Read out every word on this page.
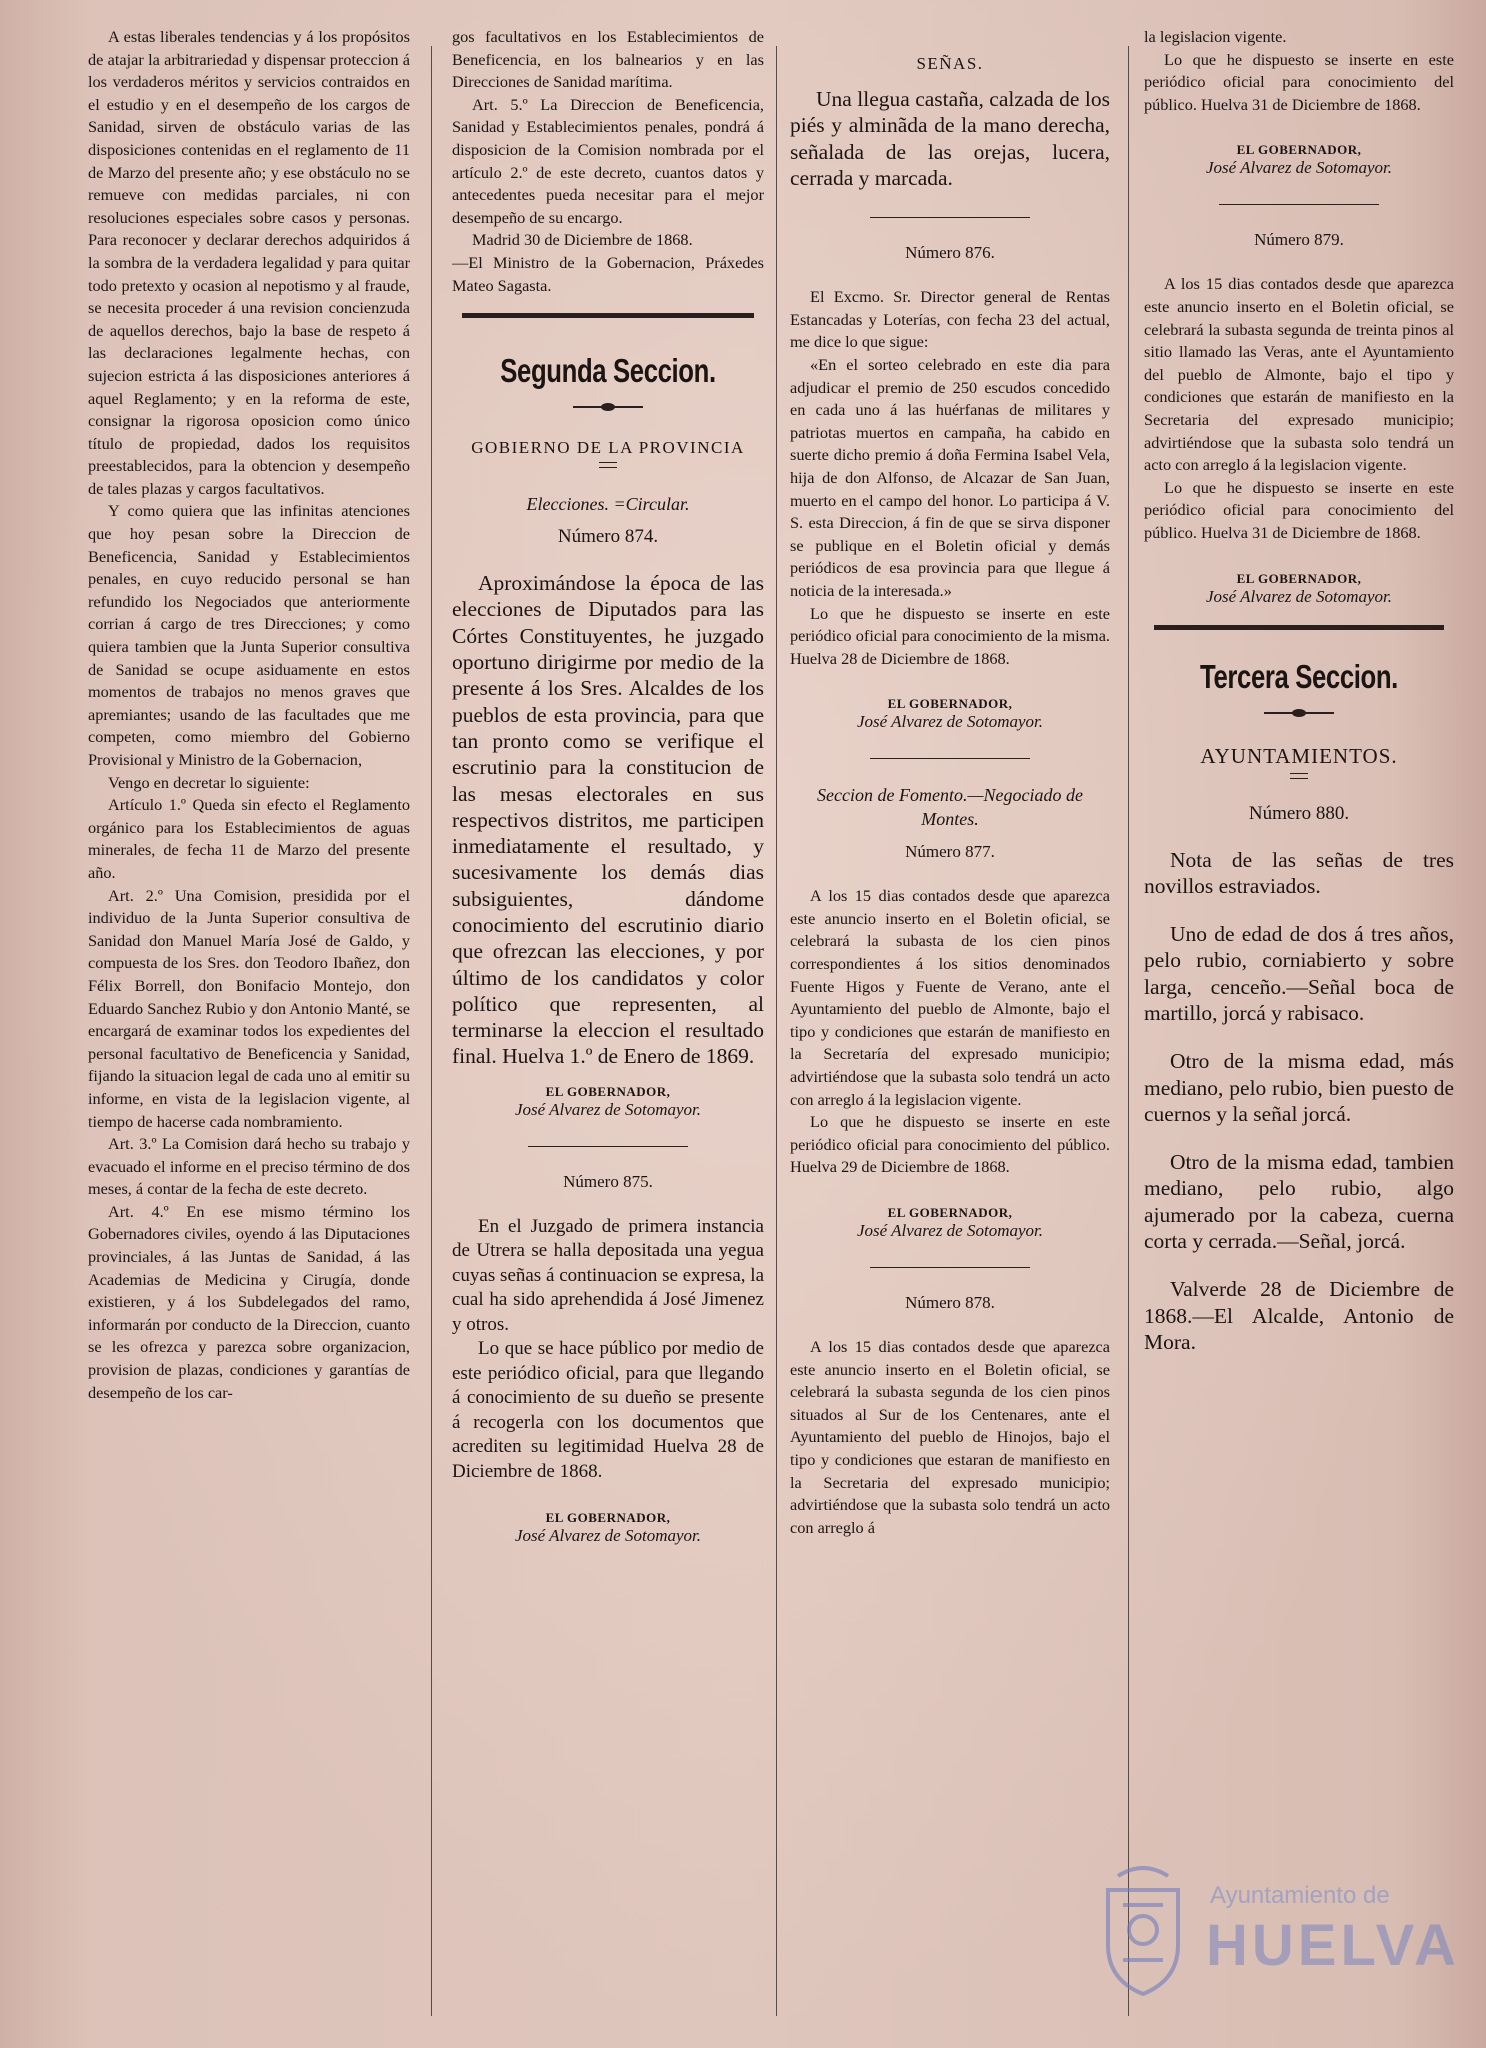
A estas liberales tendencias y á los propósitos de atajar la arbitrariedad y dispensar proteccion á los verdaderos méritos y servicios contraidos en el estudio y en el desempeño de los cargos de Sanidad, sirven de obstáculo varias de las disposiciones contenidas en el reglamento de 11 de Marzo del presente año; y ese obstáculo no se remueve con medidas parciales, ni con resoluciones especiales sobre casos y personas. Para reconocer y declarar derechos adquiridos á la sombra de la verdadera legalidad y para quitar todo pretexto y ocasion al nepotismo y al fraude, se necesita proceder á una revision concienzuda de aquellos derechos, bajo la base de respeto á las declaraciones legalmente hechas, con sujecion estricta á las disposiciones anteriores á aquel Reglamento; y en la reforma de este, consignar la rigorosa oposicion como único título de propiedad, dados los requisitos preestablecidos, para la obtencion y desempeño de tales plazas y cargos facultativos.

Y como quiera que las infinitas atenciones que hoy pesan sobre la Direccion de Beneficencia, Sanidad y Establecimientos penales, en cuyo reducido personal se han refundido los Negociados que anteriormente corrian á cargo de tres Direcciones; y como quiera tambien que la Junta Superior consultiva de Sanidad se ocupe asiduamente en estos momentos de trabajos no menos graves que apremiantes; usando de las facultades que me competen, como miembro del Gobierno Provisional y Ministro de la Gobernacion,

Vengo en decretar lo siguiente:

Artículo 1.º Queda sin efecto el Reglamento orgánico para los Establecimientos de aguas minerales, de fecha 11 de Marzo del presente año.

Art. 2.º Una Comision, presidida por el individuo de la Junta Superior consultiva de Sanidad don Manuel María José de Galdo, y compuesta de los Sres. don Teodoro Ibañez, don Félix Borrell, don Bonifacio Montejo, don Eduardo Sanchez Rubio y don Antonio Manté, se encargará de examinar todos los expedientes del personal facultativo de Beneficencia y Sanidad, fijando la situacion legal de cada uno al emitir su informe, en vista de la legislacion vigente, al tiempo de hacerse cada nombramiento.

Art. 3.º La Comision dará hecho su trabajo y evacuado el informe en el preciso término de dos meses, á contar de la fecha de este decreto.

Art. 4.º En ese mismo término los Gobernadores civiles, oyendo á las Diputaciones provinciales, á las Juntas de Sanidad, á las Academias de Medicina y Cirugía, donde existieren, y á los Subdelegados del ramo, informarán por conducto de la Direccion, cuanto se les ofrezca y parezca sobre organizacion, provision de plazas, condiciones y garantías de desempeño de los car-

gos facultativos en los Establecimientos de Beneficencia, en los balnearios y en las Direcciones de Sanidad marítima.

Art. 5.º La Direccion de Beneficencia, Sanidad y Establecimientos penales, pondrá á disposicion de la Comision nombrada por el artículo 2.º de este decreto, cuantos datos y antecedentes pueda necesitar para el mejor desempeño de su encargo.

Madrid 30 de Diciembre de 1868.

—El Ministro de la Gobernacion, Práxedes Mateo Sagasta.

Segunda Seccion.
GOBIERNO DE LA PROVINCIA
Elecciones. =Circular.
Número 874.

Aproximándose la época de las elecciones de Diputados para las Córtes Constituyentes, he juzgado oportuno dirigirme por medio de la presente á los Sres. Alcaldes de los pueblos de esta provincia, para que tan pronto como se verifique el escrutinio para la constitucion de las mesas electorales en sus respectivos distritos, me participen inmediatamente el resultado, y sucesivamente los demás dias subsiguientes, dándome conocimiento del escrutinio diario que ofrezcan las elecciones, y por último de los candidatos y color político que representen, al terminarse la eleccion el resultado final. Huelva 1.º de Enero de 1869.

EL GOBERNADOR,
José Alvarez de Sotomayor.
Número 875.

En el Juzgado de primera instancia de Utrera se halla depositada una yegua cuyas señas á continuacion se expresa, la cual ha sido aprehendida á José Jimenez y otros.

Lo que se hace público por medio de este periódico oficial, para que llegando á conocimiento de su dueño se presente á recogerla con los documentos que acrediten su legitimidad Huelva 28 de Diciembre de 1868.

EL GOBERNADOR,
José Alvarez de Sotomayor.
SEÑAS.

Una llegua castaña, calzada de los piés y alminãda de la mano derecha, señalada de las orejas, lucera, cerrada y marcada.

Número 876.

El Excmo. Sr. Director general de Rentas Estancadas y Loterías, con fecha 23 del actual, me dice lo que sigue:

«En el sorteo celebrado en este dia para adjudicar el premio de 250 escudos concedido en cada uno á las huérfanas de militares y patriotas muertos en campaña, ha cabido en suerte dicho premio á doña Fermina Isabel Vela, hija de don Alfonso, de Alcazar de San Juan, muerto en el campo del honor. Lo participa á V. S. esta Direccion, á fin de que se sirva disponer se publique en el Boletin oficial y demás periódicos de esa provincia para que llegue á noticia de la interesada.»

Lo que he dispuesto se inserte en este periódico oficial para conocimiento de la misma. Huelva 28 de Diciembre de 1868.

EL GOBERNADOR,
José Alvarez de Sotomayor.
Seccion de Fomento.—Negociado de Montes.
Número 877.

A los 15 dias contados desde que aparezca este anuncio inserto en el Boletin oficial, se celebrará la subasta de los cien pinos correspondientes á los sitios denominados Fuente Higos y Fuente de Verano, ante el Ayuntamiento del pueblo de Almonte, bajo el tipo y condiciones que estarán de manifiesto en la Secretaría del expresado municipio; advirtiéndose que la subasta solo tendrá un acto con arreglo á la legislacion vigente.

Lo que he dispuesto se inserte en este periódico oficial para conocimiento del público. Huelva 29 de Diciembre de 1868.

EL GOBERNADOR,
José Alvarez de Sotomayor.
Número 878.

A los 15 dias contados desde que aparezca este anuncio inserto en el Boletin oficial, se celebrará la subasta segunda de los cien pinos situados al Sur de los Centenares, ante el Ayuntamiento del pueblo de Hinojos, bajo el tipo y condiciones que estaran de manifiesto en la Secretaria del expresado municipio; advirtiéndose que la subasta solo tendrá un acto con arreglo á

la legislacion vigente.

Lo que he dispuesto se inserte en este periódico oficial para conocimiento del público. Huelva 31 de Diciembre de 1868.

EL GOBERNADOR,
José Alvarez de Sotomayor.
Número 879.

A los 15 dias contados desde que aparezca este anuncio inserto en el Boletin oficial, se celebrará la subasta segunda de treinta pinos al sitio llamado las Veras, ante el Ayuntamiento del pueblo de Almonte, bajo el tipo y condiciones que estarán de manifiesto en la Secretaria del expresado municipio; advirtiéndose que la subasta solo tendrá un acto con arreglo á la legislacion vigente.

Lo que he dispuesto se inserte en este periódico oficial para conocimiento del público. Huelva 31 de Diciembre de 1868.

EL GOBERNADOR,
José Alvarez de Sotomayor.
Tercera Seccion.
AYUNTAMIENTOS.
Número 880.

Nota de las señas de tres novillos estraviados.

Uno de edad de dos á tres años, pelo rubio, corniabierto y sobre larga, cenceño.—Señal boca de martillo, jorcá y rabisaco.

Otro de la misma edad, más mediano, pelo rubio, bien puesto de cuernos y la señal jorcá.

Otro de la misma edad, tambien mediano, pelo rubio, algo ajumerado por la cabeza, cuerna corta y cerrada.—Señal, jorcá.

Valverde 28 de Diciembre de 1868.—El Alcalde, Antonio de Mora.

Ayuntamiento de
HUELVA
